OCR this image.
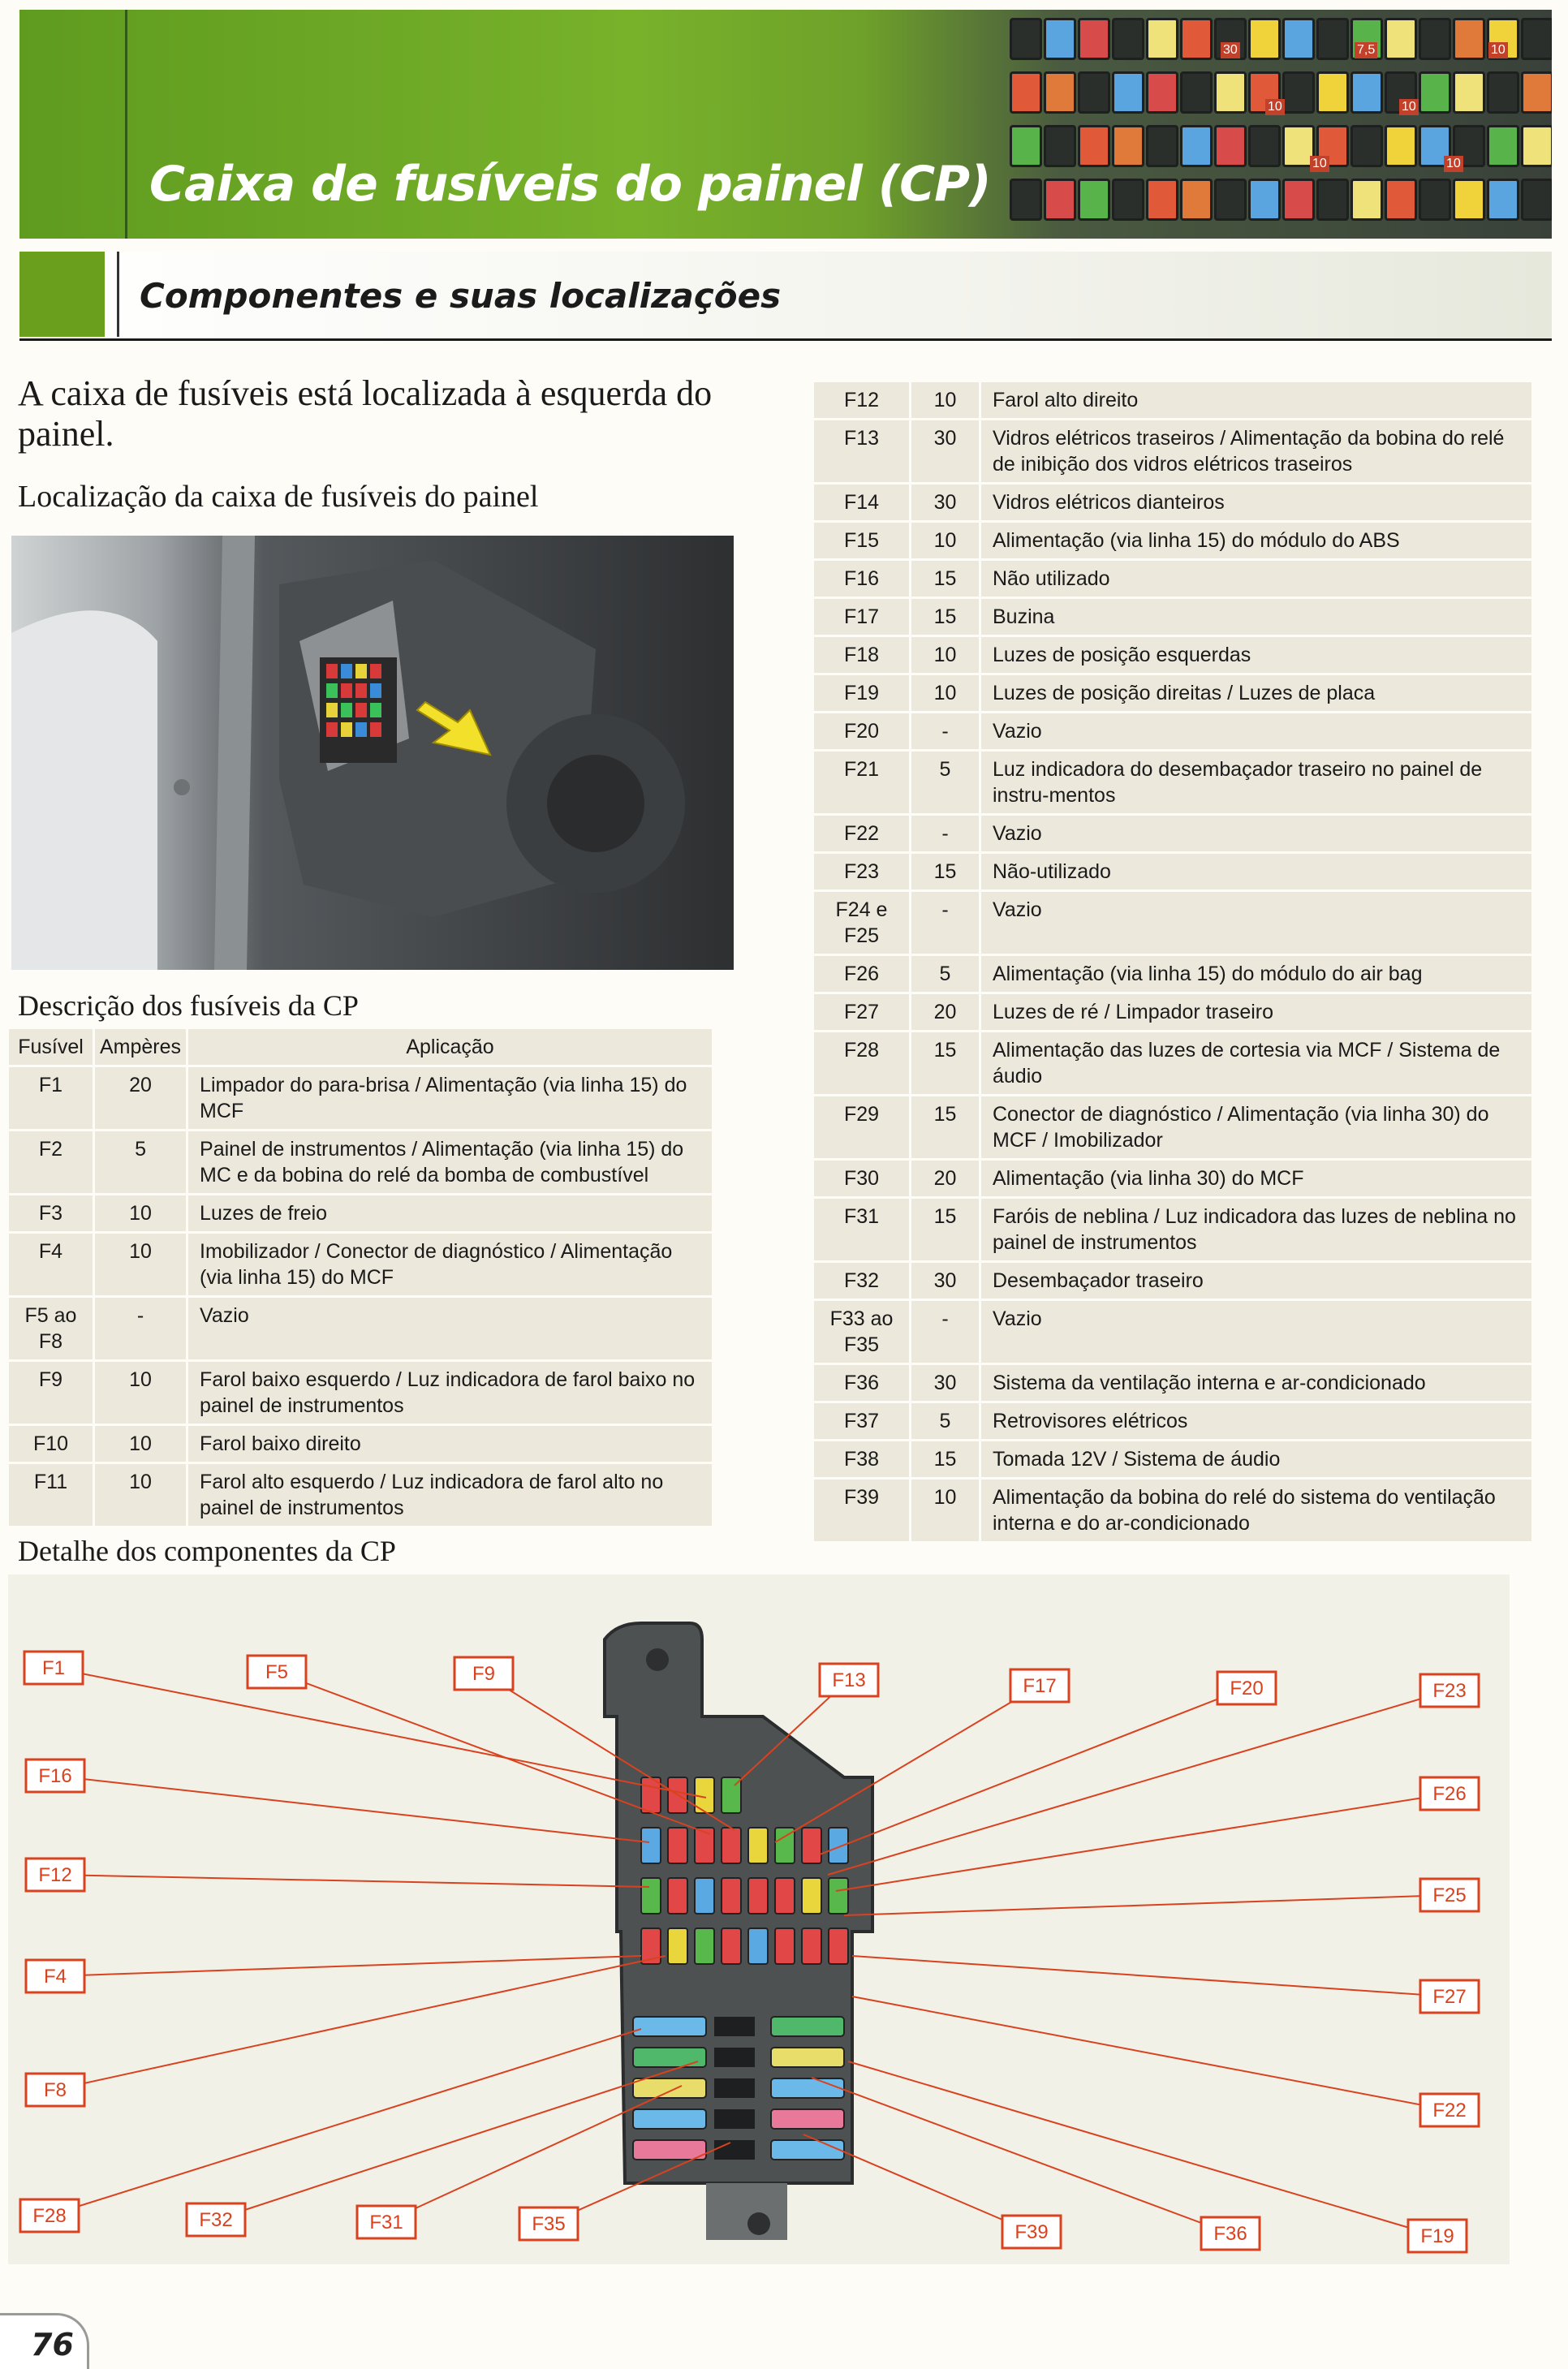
30
10
10
7,5
10
10
10
Caixa de fusíveis do painel (CP)
Componentes e suas localizações
A caixa de fusíveis está localizada à esquerda do painel.
Localização da caixa de fusíveis do painel
Descrição dos fusíveis da CP
Fusível	Ampères	Aplicação
F1	20	Limpador do para-brisa / Alimentação (via linha 15) do MCF
F2	5	Painel de instrumentos / Alimentação (via linha 15) do MC e da bobina do relé da bomba de combustível
F3	10	Luzes de freio
F4	10	Imobilizador / Conector de diagnóstico / Alimentação (via linha 15) do MCF
F5 ao F8	-	Vazio
F9	10	Farol baixo esquerdo / Luz indicadora de farol baixo no painel de instrumentos
F10	10	Farol baixo direito
F11	10	Farol alto esquerdo / Luz indicadora de farol alto no painel de instrumentos
F12	10	Farol alto direito
F13	30	Vidros elétricos traseiros / Alimentação da bobina do relé de inibição dos vidros elétricos traseiros
F14	30	Vidros elétricos dianteiros
F15	10	Alimentação (via linha 15) do módulo do ABS
F16	15	Não utilizado
F17	15	Buzina
F18	10	Luzes de posição esquerdas
F19	10	Luzes de posição direitas / Luzes de placa
F20	-	Vazio
F21	5	Luz indicadora do desembaçador traseiro no painel de instru-mentos
F22	-	Vazio
F23	15	Não-utilizado
F24 e F25	-	Vazio
F26	5	Alimentação (via linha 15) do módulo do air bag
F27	20	Luzes de ré / Limpador traseiro
F28	15	Alimentação das luzes de cortesia via MCF / Sistema de áudio
F29	15	Conector de diagnóstico / Alimentação (via linha 30) do MCF / Imobilizador
F30	20	Alimentação (via linha 30) do MCF
F31	15	Faróis de neblina / Luz indicadora das luzes de neblina no painel de instrumentos
F32	30	Desembaçador traseiro
F33 ao F35	-	Vazio
F36	30	Sistema da ventilação interna e ar-condicionado
F37	5	Retrovisores elétricos
F38	15	Tomada 12V / Sistema de áudio
F39	10	Alimentação da bobina do relé do sistema do ventilação interna e do ar-condicionado
Detalhe dos componentes da CP
F1	F5	F9	F13	F17	F20	F23
F16
F26
F12
F25
F4
F27
F8
F22
F28	F32	F31	F35	F39	F36	F19
76
